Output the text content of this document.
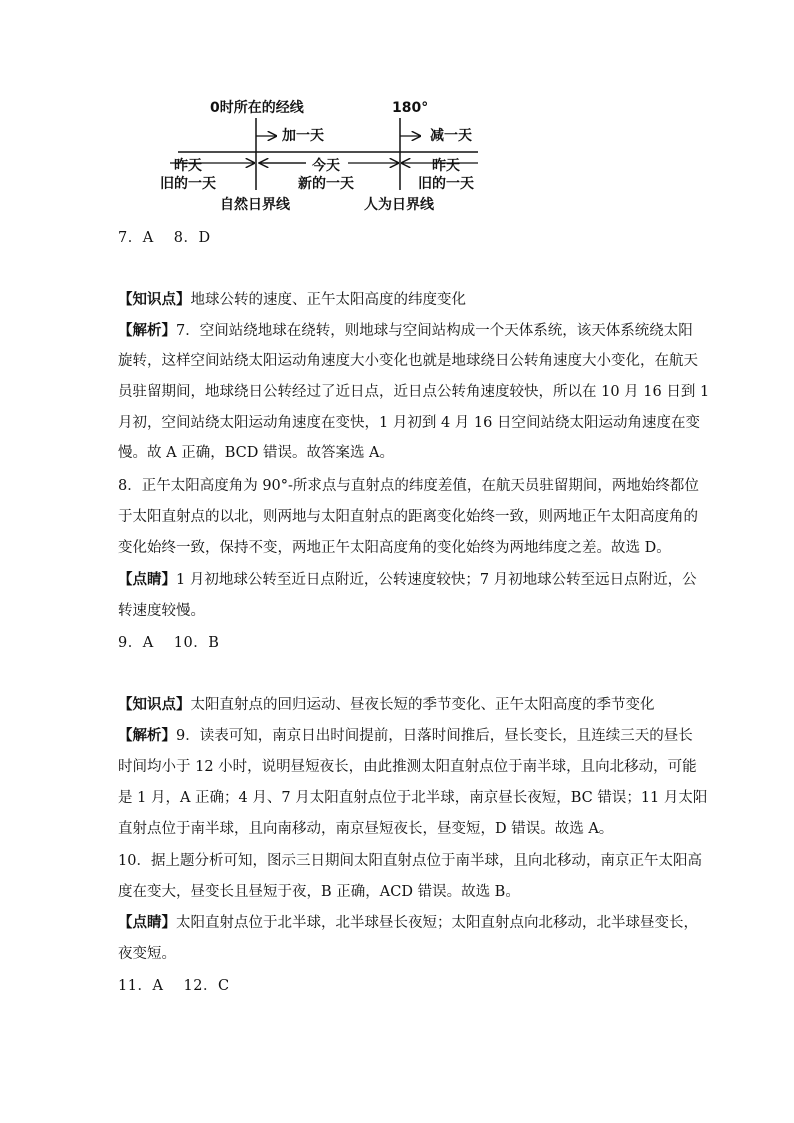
0时所在的经线	180°
加一天	减一天
昨天
旧的一天
今天
新的一天
昨天
旧的一天
自然日界线	人为日界线
7．A　 8．D
【知识点】地球公转的速度、正午太阳高度的纬度变化
【解析】7．空间站绕地球在绕转，则地球与空间站构成一个天体系统，该天体系统绕太阳
旋转，这样空间站绕太阳运动角速度大小变化也就是地球绕日公转角速度大小变化，在航天
员驻留期间，地球绕日公转经过了近日点，近日点公转角速度较快，所以在 10 月 16 日到 1
月初，空间站绕太阳运动角速度在变快，1 月初到 4 月 16 日空间站绕太阳运动角速度在变
慢。故 A 正确，BCD 错误。故答案选 A。
8．正午太阳高度角为 90°-所求点与直射点的纬度差值，在航天员驻留期间，两地始终都位
于太阳直射点的以北，则两地与太阳直射点的距离变化始终一致，则两地正午太阳高度角的
变化始终一致，保持不变，两地正午太阳高度角的变化始终为两地纬度之差。故选 D。
【点睛】1 月初地球公转至近日点附近，公转速度较快；7 月初地球公转至远日点附近，公
转速度较慢。
9．A　 10．B
【知识点】太阳直射点的回归运动、昼夜长短的季节变化、正午太阳高度的季节变化
【解析】9．读表可知，南京日出时间提前，日落时间推后，昼长变长，且连续三天的昼长
时间均小于 12 小时，说明昼短夜长，由此推测太阳直射点位于南半球，且向北移动，可能
是 1 月，A 正确；4 月、7 月太阳直射点位于北半球，南京昼长夜短，BC 错误；11 月太阳
直射点位于南半球，且向南移动，南京昼短夜长，昼变短，D 错误。故选 A。
10．据上题分析可知，图示三日期间太阳直射点位于南半球，且向北移动，南京正午太阳高
度在变大，昼变长且昼短于夜，B 正确，ACD 错误。故选 B。
【点睛】太阳直射点位于北半球，北半球昼长夜短；太阳直射点向北移动，北半球昼变长，
夜变短。
11．A　 12．C
